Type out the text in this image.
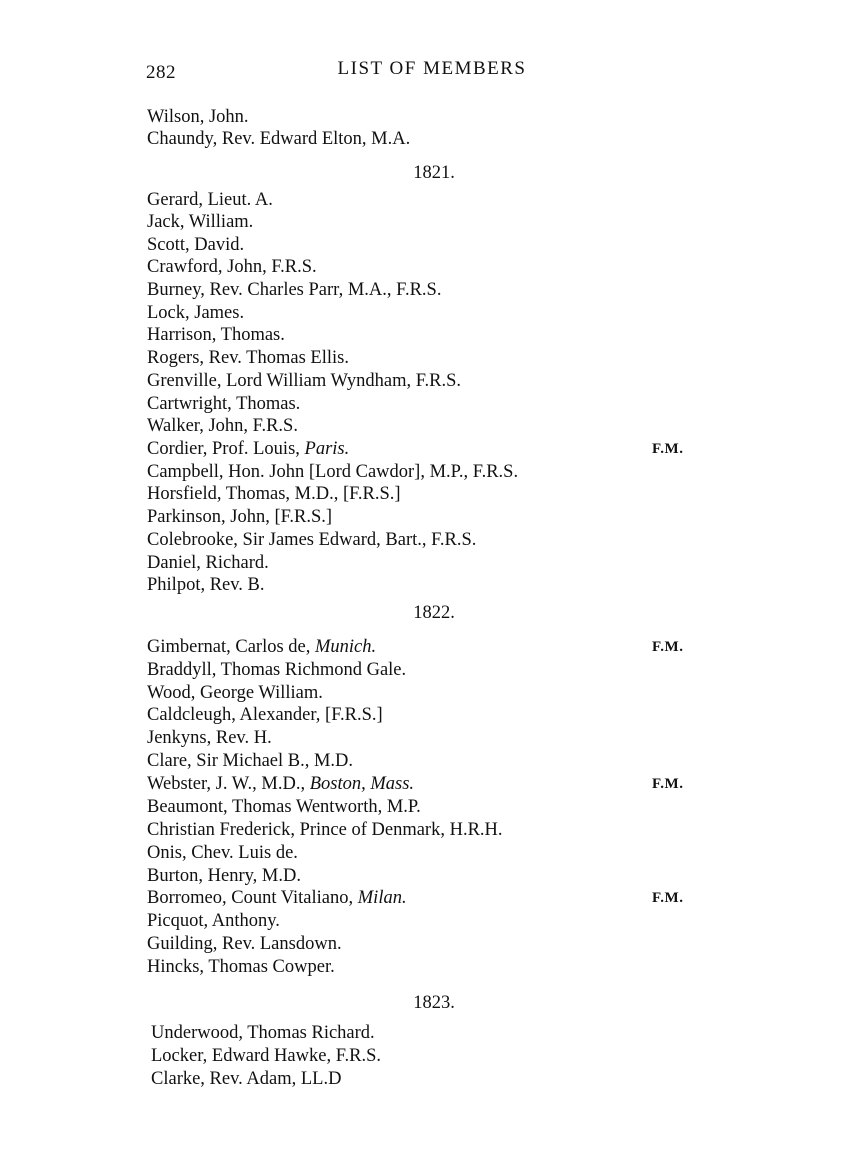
282	LIST OF MEMBERS
Wilson, John.
Chaundy, Rev. Edward Elton, M.A.
1821.
Gerard, Lieut. A.
Jack, William.
Scott, David.
Crawford, John, F.R.S.
Burney, Rev. Charles Parr, M.A., F.R.S.
Lock, James.
Harrison, Thomas.
Rogers, Rev. Thomas Ellis.
Grenville, Lord William Wyndham, F.R.S.
Cartwright, Thomas.
Walker, John, F.R.S.
Cordier, Prof. Louis, Paris.	F.M.
Campbell, Hon. John [Lord Cawdor], M.P., F.R.S.
Horsfield, Thomas, M.D., [F.R.S.]
Parkinson, John, [F.R.S.]
Colebrooke, Sir James Edward, Bart., F.R.S.
Daniel, Richard.
Philpot, Rev. B.
1822.
Gimbernat, Carlos de, Munich.	F.M.
Braddyll, Thomas Richmond Gale.
Wood, George William.
Caldcleugh, Alexander, [F.R.S.]
Jenkyns, Rev. H.
Clare, Sir Michael B., M.D.
Webster, J. W., M.D., Boston, Mass.	F.M.
Beaumont, Thomas Wentworth, M.P.
Christian Frederick, Prince of Denmark, H.R.H.
Onis, Chev. Luis de.
Burton, Henry, M.D.
Borromeo, Count Vitaliano, Milan.	F.M.
Picquot, Anthony.
Guilding, Rev. Lansdown.
Hincks, Thomas Cowper.
1823.
Underwood, Thomas Richard.
Locker, Edward Hawke, F.R.S.
Clarke, Rev. Adam, LL.D
